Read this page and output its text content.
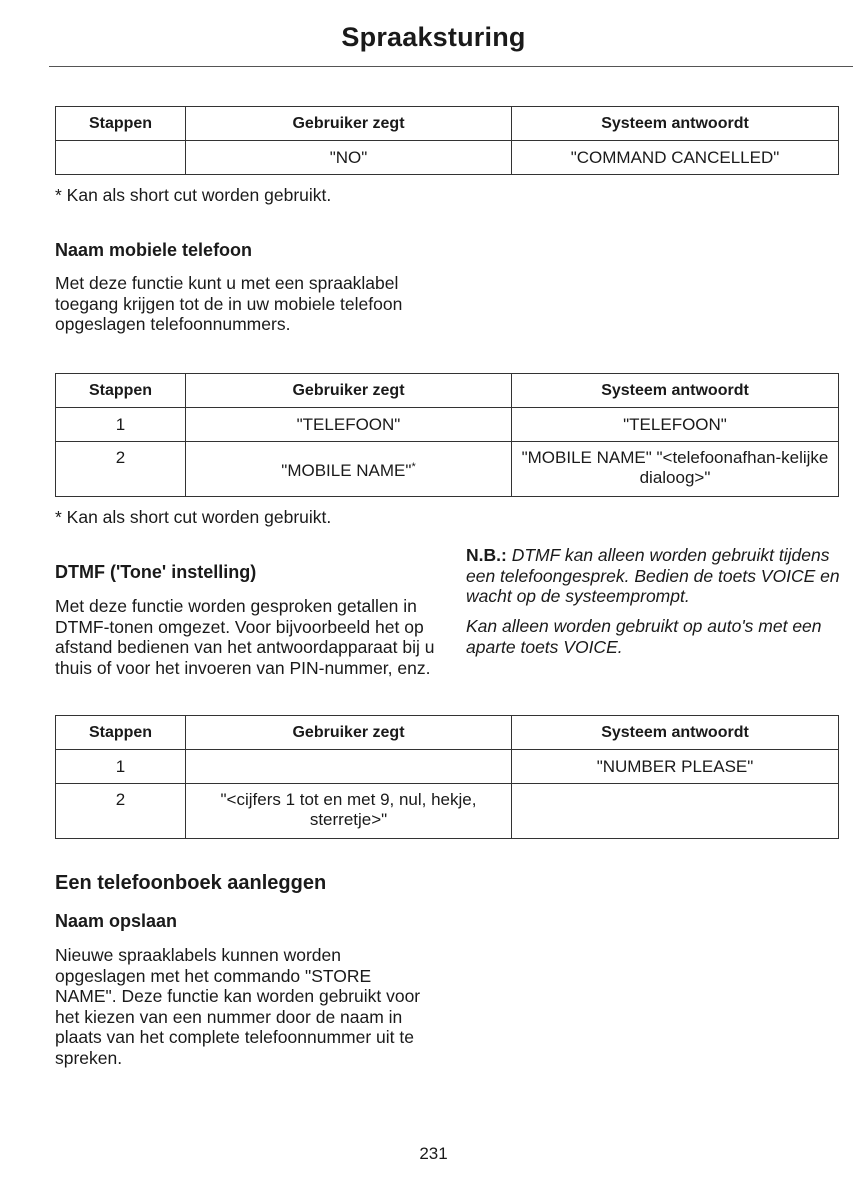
Spraaksturing
Stappen	Gebruiker zegt	Systeem antwoordt
	"NO"	"COMMAND CANCELLED"
* Kan als short cut worden gebruikt.
Naam mobiele telefoon
Met deze functie kunt u met een spraaklabel toegang krijgen tot de in uw mobiele telefoon opgeslagen telefoonnummers.
Stappen	Gebruiker zegt	Systeem antwoordt
1	"TELEFOON"	"TELEFOON"
2	"MOBILE NAME"*	"MOBILE NAME" "<telefoonafhan-kelijke dialoog>"
* Kan als short cut worden gebruikt.
DTMF ('Tone' instelling)
Met deze functie worden gesproken getallen in DTMF-tonen omgezet. Voor bijvoorbeeld het op afstand bedienen van het antwoordapparaat bij u thuis of voor het invoeren van PIN-nummer, enz.
N.B.: DTMF kan alleen worden gebruikt tijdens een telefoongesprek. Bedien de toets VOICE en wacht op de systeemprompt.
Kan alleen worden gebruikt op auto's met een aparte toets VOICE.
Stappen	Gebruiker zegt	Systeem antwoordt
1		"NUMBER PLEASE"
2	"<cijfers 1 tot en met 9, nul, hekje, sterretje>"	
Een telefoonboek aanleggen
Naam opslaan
Nieuwe spraaklabels kunnen worden opgeslagen met het commando "STORE NAME". Deze functie kan worden gebruikt voor het kiezen van een nummer door de naam in plaats van het complete telefoonnummer uit te spreken.
231
